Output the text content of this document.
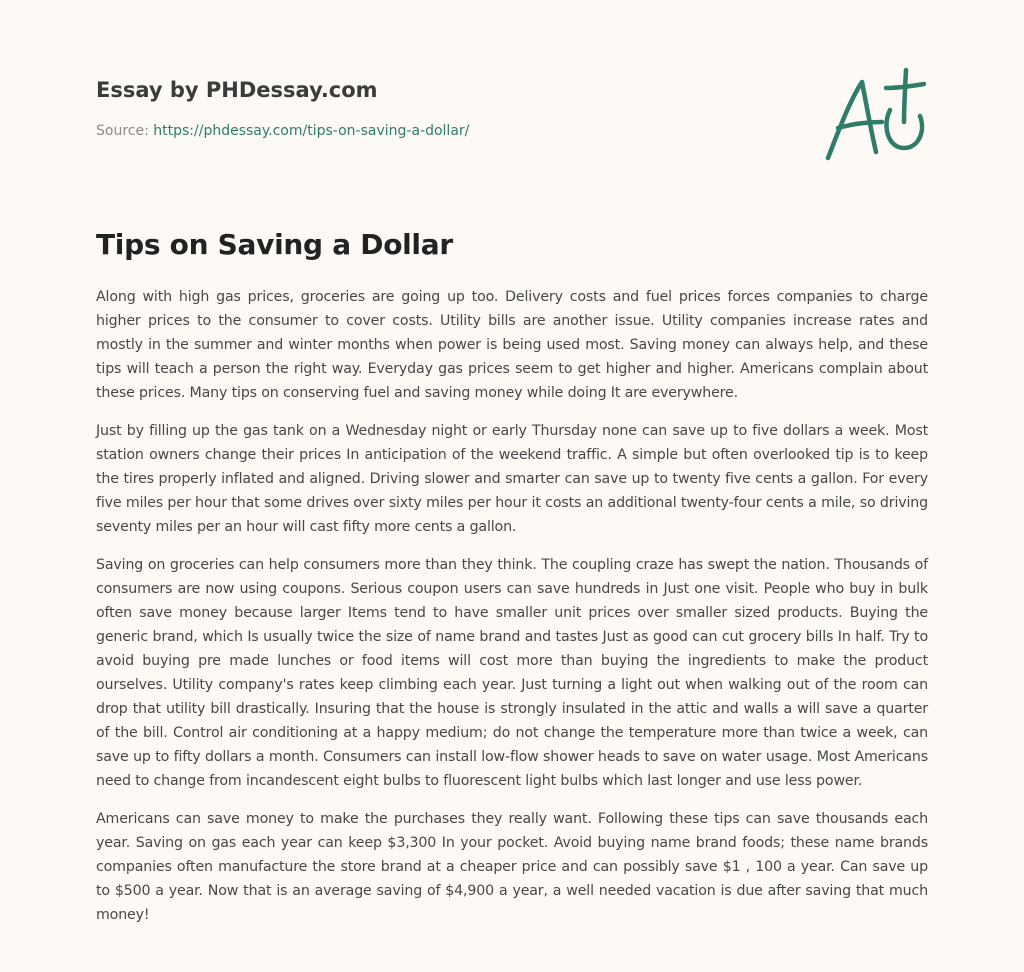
Essay by PHDessay.com
Source: https://phdessay.com/tips-on-saving-a-dollar/
Tips on Saving a Dollar

Along with high gas prices, groceries are going up too. Delivery costs and fuel prices forces companies to charge higher prices to the consumer to cover costs. Utility bills are another issue. Utility companies increase rates and mostly in the summer and winter months when power is being used most. Saving money can always help, and these tips will teach a person the right way. Everyday gas prices seem to get higher and higher. Americans complain about these prices. Many tips on conserving fuel and saving money while doing It are everywhere.

Just by filling up the gas tank on a Wednesday night or early Thursday none can save up to five dollars a week. Most station owners change their prices In anticipation of the weekend traffic. A simple but often overlooked tip is to keep the tires properly inflated and aligned. Driving slower and smarter can save up to twenty five cents a gallon. For every five miles per hour that some drives over sixty miles per hour it costs an additional twenty-four cents a mile, so driving seventy miles per an hour will cast fifty more cents a gallon.

Saving on groceries can help consumers more than they think. The coupling craze has swept the nation. Thousands of consumers are now using coupons. Serious coupon users can save hundreds in Just one visit. People who buy in bulk often save money because larger Items tend to have smaller unit prices over smaller sized products. Buying the generic brand, which Is usually twice the size of name brand and tastes Just as good can cut grocery bills In half. Try to avoid buying pre made lunches or food items will cost more than buying the ingredients to make the product ourselves. Utility company's rates keep climbing each year. Just turning a light out when walking out of the room can drop that utility bill drastically. Insuring that the house is strongly insulated in the attic and walls a will save a quarter of the bill. Control air conditioning at a happy medium; do not change the temperature more than twice a week, can save up to fifty dollars a month. Consumers can install low-flow shower heads to save on water usage. Most Americans need to change from incandescent eight bulbs to fluorescent light bulbs which last longer and use less power.

Americans can save money to make the purchases they really want. Following these tips can save thousands each year. Saving on gas each year can keep $3,300 In your pocket. Avoid buying name brand foods; these name brands companies often manufacture the store brand at a cheaper price and can possibly save $1 , 100 a year. Can save up to $500 a year. Now that is an average saving of $4,900 a year, a well needed vacation is due after saving that much money!
